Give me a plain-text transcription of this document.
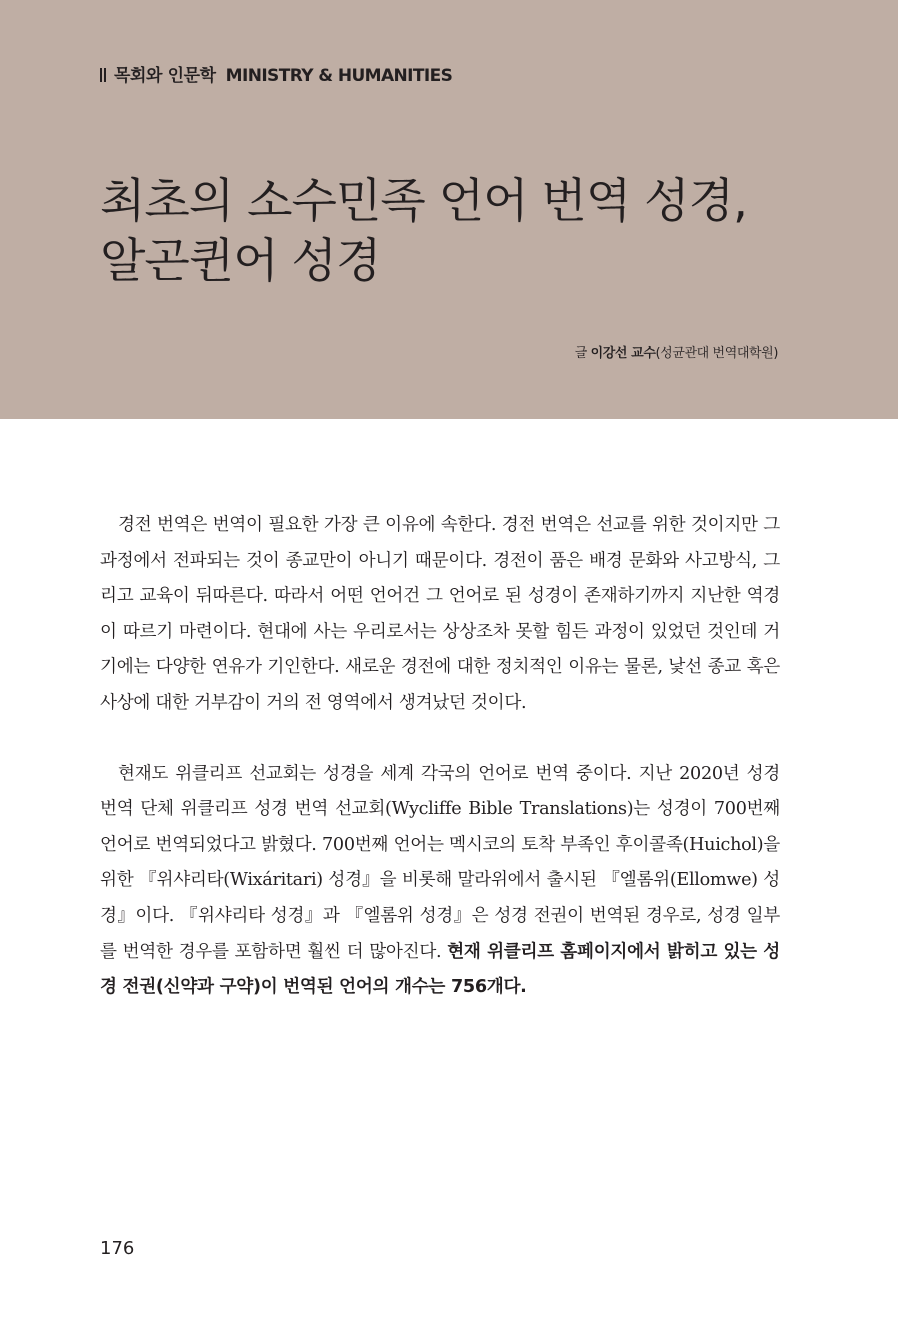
목회와 인문학 MINISTRY & HUMANITIES
최초의 소수민족 언어 번역 성경,
알곤퀸어 성경
글 이강선 교수(성균관대 번역대학원)

경전 번역은 번역이 필요한 가장 큰 이유에 속한다. 경전 번역은 선교를 위한 것이지만 그 과정에서 전파되는 것이 종교만이 아니기 때문이다. 경전이 품은 배경 문화와 사고방식, 그리고 교육이 뒤따른다. 따라서 어떤 언어건 그 언어로 된 성경이 존재하기까지 지난한 역경이 따르기 마련이다. 현대에 사는 우리로서는 상상조차 못할 힘든 과정이 있었던 것인데 거기에는 다양한 연유가 기인한다. 새로운 경전에 대한 정치적인 이유는 물론, 낯선 종교 혹은 사상에 대한 거부감이 거의 전 영역에서 생겨났던 것이다.

현재도 위클리프 선교회는 성경을 세계 각국의 언어로 번역 중이다. 지난 2020년 성경 번역 단체 위클리프 성경 번역 선교회(Wycliffe Bible Translations)는 성경이 700번째 언어로 번역되었다고 밝혔다. 700번째 언어는 멕시코의 토착 부족인 후이콜족(Huichol)을 위한 『위샤리타(Wixáritari) 성경』을 비롯해 말라위에서 출시된 『엘롬위(Ellomwe) 성경』이다. 『위샤리타 성경』과 『엘롬위 성경』은 성경 전권이 번역된 경우로, 성경 일부를 번역한 경우를 포함하면 훨씬 더 많아진다. 현재 위클리프 홈페이지에서 밝히고 있는 성경 전권(신약과 구약)이 번역된 언어의 개수는 756개다.

176
